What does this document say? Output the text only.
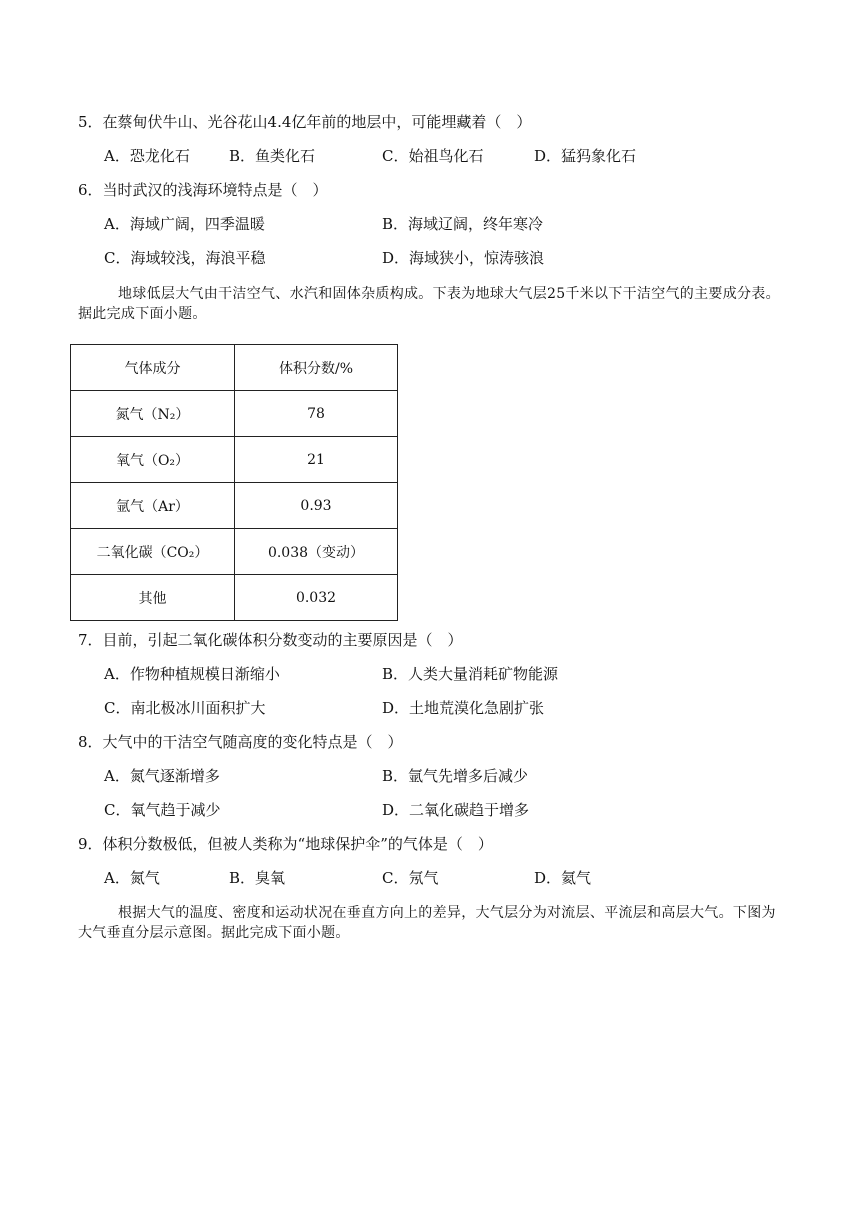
5．在蔡甸伏牛山、光谷花山4.4亿年前的地层中，可能埋藏着（　）
A．恐龙化石	B．鱼类化石	C．始祖鸟化石	D．猛犸象化石
6．当时武汉的浅海环境特点是（　）
A．海域广阔，四季温暖	B．海域辽阔，终年寒冷
C．海域较浅，海浪平稳	D．海域狭小，惊涛骇浪
地球低层大气由干洁空气、水汽和固体杂质构成。下表为地球大气层25千米以下干洁空气的主要成分表。据此完成下面小题。
气体成分	体积分数/%
氮气（N₂）	78
氧气（O₂）	21
氩气（Ar）	0.93
二氧化碳（CO₂）	0.038（变动）
其他	0.032
7．目前，引起二氧化碳体积分数变动的主要原因是（　）
A．作物种植规模日渐缩小	B．人类大量消耗矿物能源
C．南北极冰川面积扩大	D．土地荒漠化急剧扩张
8．大气中的干洁空气随高度的变化特点是（　）
A．氮气逐渐增多	B．氩气先增多后减少
C．氧气趋于减少	D．二氧化碳趋于增多
9．体积分数极低，但被人类称为“地球保护伞”的气体是（　）
A．氮气	B．臭氧	C．氖气	D．氦气
根据大气的温度、密度和运动状况在垂直方向上的差异，大气层分为对流层、平流层和高层大气。下图为大气垂直分层示意图。据此完成下面小题。
